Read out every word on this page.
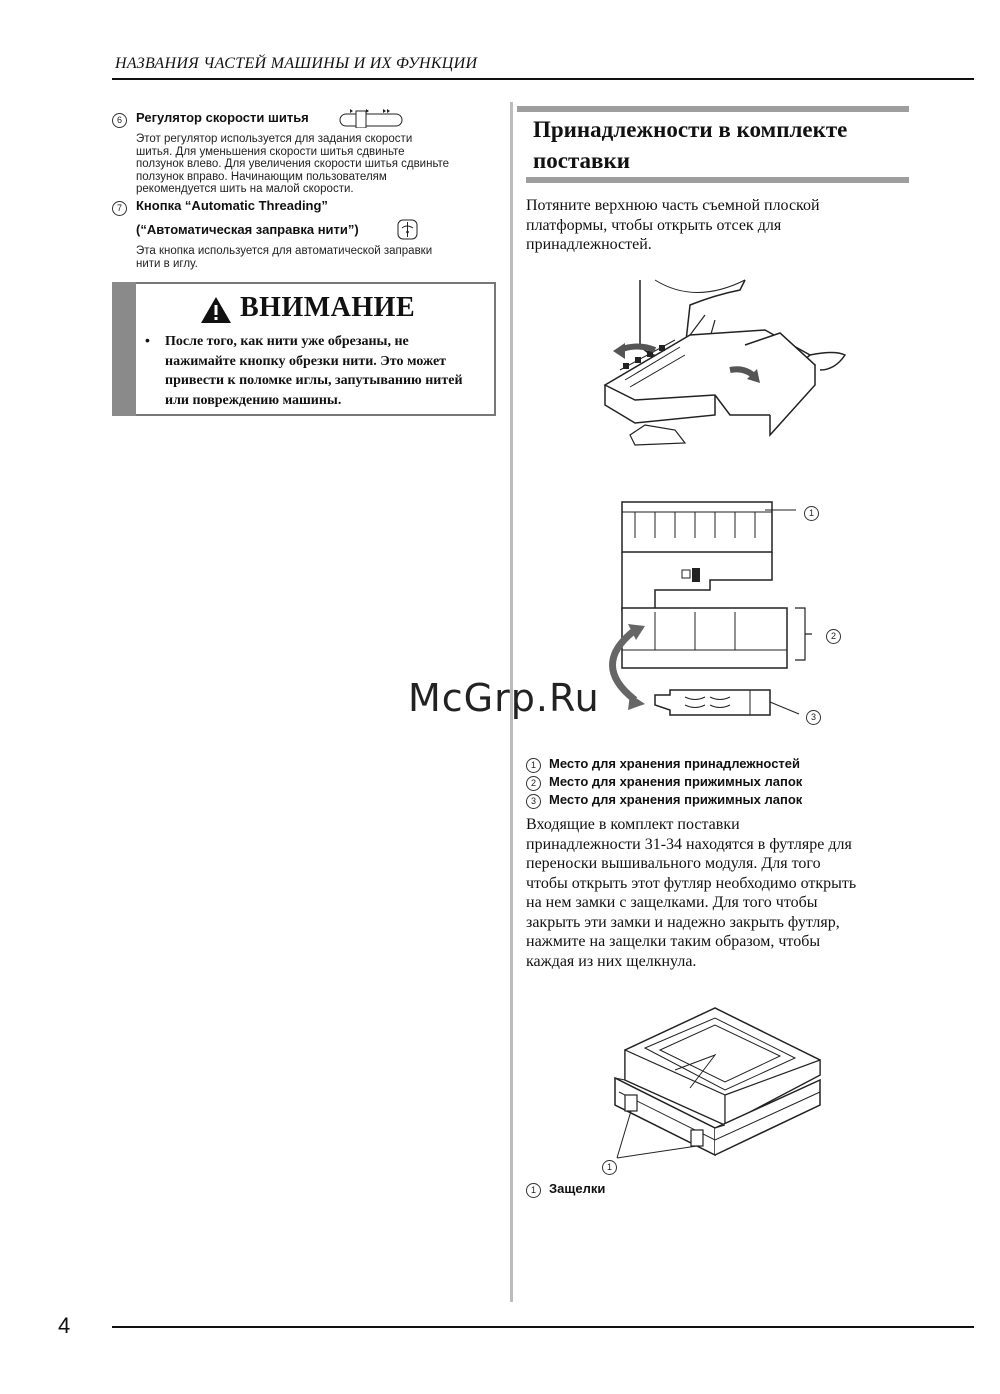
НАЗВАНИЯ ЧАСТЕЙ МАШИНЫ И ИХ ФУНКЦИИ
6	Регулятор скорости шитья
Этот регулятор используется для задания скорости
шитья. Для уменьшения скорости шитья сдвиньте
ползунок влево. Для увеличения скорости шитья сдвиньте
ползунок вправо. Начинающим пользователям
рекомендуется шить на малой скорости.
7	Кнопка “Automatic Threading”
(“Автоматическая заправка нити”)
Эта кнопка используется для автоматической заправки
нити в иглу.
ВНИМАНИЕ
• После того, как нити уже обрезаны, не
нажимайте кнопку обрезки нити. Это может
привести к поломке иглы, запутыванию нитей
или повреждению машины.
Принадлежности в комплекте
поставки
Потяните верхнюю часть съемной плоской
платформы, чтобы открыть отсек для
принадлежностей.
1
2
3
McGrp.Ru
1 Место для хранения принадлежностей
2 Место для хранения прижимных лапок
3 Место для хранения прижимных лапок
Входящие в комплект поставки
принадлежности 31-34 находятся в футляре для
переноски вышивального модуля. Для того
чтобы открыть этот футляр необходимо открыть
на нем замки с защелками. Для того чтобы
закрыть эти замки и надежно закрыть футляр,
нажмите на защелки таким образом, чтобы
каждая из них щелкнула.
1
1 Защелки
4
